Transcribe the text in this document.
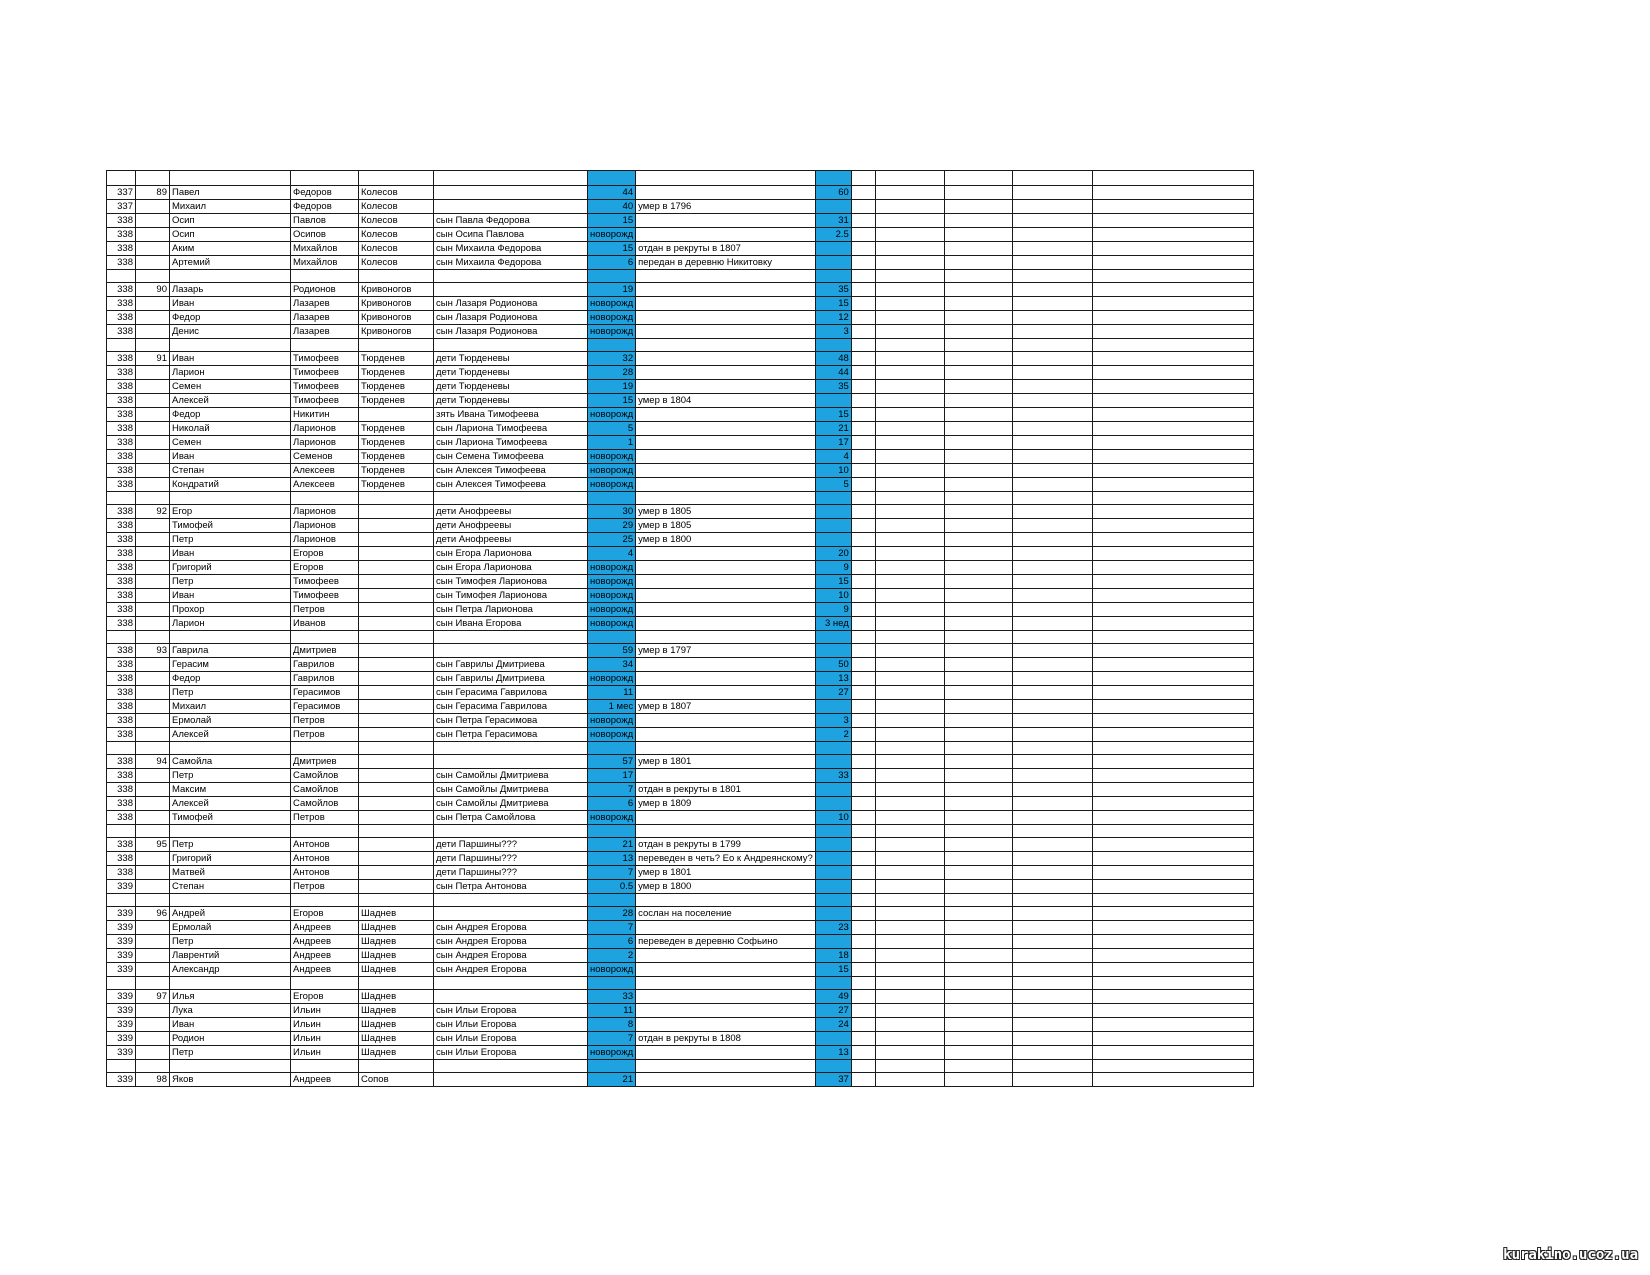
337	89	Павел	Федоров	Колесов		44		60					
337		Михаил	Федоров	Колесов		40	умер в 1796						
338		Осип	Павлов	Колесов	сын Павла Федорова	15		31					
338		Осип	Осипов	Колесов	сын Осипа Павлова	новорожд		2.5					
338		Аким	Михайлов	Колесов	сын Михаила Федорова	15	отдан в рекруты в 1807						
338		Артемий	Михайлов	Колесов	сын Михаила Федорова	6	передан в деревню Никитовку						

338	90	Лазарь	Родионов	Кривоногов		19		35					
338		Иван	Лазарев	Кривоногов	сын Лазаря Родионова	новорожд		15					
338		Федор	Лазарев	Кривоногов	сын Лазаря Родионова	новорожд		12					
338		Денис	Лазарев	Кривоногов	сын Лазаря Родионова	новорожд		3					

338	91	Иван	Тимофеев	Тюрденев	дети Тюрденевы	32		48					
338		Ларион	Тимофеев	Тюрденев	дети Тюрденевы	28		44					
338		Семен	Тимофеев	Тюрденев	дети Тюрденевы	19		35					
338		Алексей	Тимофеев	Тюрденев	дети Тюрденевы	15	умер в 1804						
338		Федор	Никитин		зять Ивана Тимофеева	новорожд		15					
338		Николай	Ларионов	Тюрденев	сын Лариона Тимофеева	5		21					
338		Семен	Ларионов	Тюрденев	сын Лариона Тимофеева	1		17					
338		Иван	Семенов	Тюрденев	сын Семена Тимофеева	новорожд		4					
338		Степан	Алексеев	Тюрденев	сын Алексея Тимофеева	новорожд		10					
338		Кондратий	Алексеев	Тюрденев	сын Алексея Тимофеева	новорожд		5					

338	92	Егор	Ларионов		дети Анофреевы	30	умер в 1805						
338		Тимофей	Ларионов		дети Анофреевы	29	умер в 1805						
338		Петр	Ларионов		дети Анофреевы	25	умер в 1800						
338		Иван	Егоров		сын Егора Ларионова	4		20					
338		Григорий	Егоров		сын Егора Ларионова	новорожд		9					
338		Петр	Тимофеев		сын Тимофея Ларионова	новорожд		15					
338		Иван	Тимофеев		сын Тимофея Ларионова	новорожд		10					
338		Прохор	Петров		сын Петра Ларионова	новорожд		9					
338		Ларион	Иванов		сын Ивана Егорова	новорожд		3 нед					

338	93	Гаврила	Дмитриев			59	умер в 1797						
338		Герасим	Гаврилов		сын Гаврилы Дмитриева	34		50					
338		Федор	Гаврилов		сын Гаврилы Дмитриева	новорожд		13					
338		Петр	Герасимов		сын Герасима Гаврилова	11		27					
338		Михаил	Герасимов		сын Герасима Гаврилова	1 мес	умер в 1807						
338		Ермолай	Петров		сын Петра Герасимова	новорожд		3					
338		Алексей	Петров		сын Петра Герасимова	новорожд		2					

338	94	Самойла	Дмитриев			57	умер в 1801						
338		Петр	Самойлов		сын Самойлы Дмитриева	17		33					
338		Максим	Самойлов		сын Самойлы Дмитриева	7	отдан в рекруты в 1801						
338		Алексей	Самойлов		сын Самойлы Дмитриева	6	умер в 1809						
338		Тимофей	Петров		сын Петра Самойлова	новорожд		10					

338	95	Петр	Антонов		дети Паршины???	21	отдан в рекруты в 1799						
338		Григорий	Антонов		дети Паршины???	13	переведен в четь? Ео к Андреянскому?						
338		Матвей	Антонов		дети Паршины???	7	умер в 1801						
339		Степан	Петров		сын Петра Антонова	0.5	умер в 1800						

339	96	Андрей	Егоров	Шаднев		28	сослан на поселение						
339		Ермолай	Андреев	Шаднев	сын Андрея Егорова	7		23					
339		Петр	Андреев	Шаднев	сын Андрея Егорова	6	переведен в деревню Софьино						
339		Лаврентий	Андреев	Шаднев	сын Андрея Егорова	2		18					
339		Александр	Андреев	Шаднев	сын Андрея Егорова	новорожд		15					

339	97	Илья	Егоров	Шаднев		33		49					
339		Лука	Ильин	Шаднев	сын Ильи Егорова	11		27					
339		Иван	Ильин	Шаднев	сын Ильи Егорова	8		24					
339		Родион	Ильин	Шаднев	сын Ильи Егорова	7	отдан в рекруты в 1808						
339		Петр	Ильин	Шаднев	сын Ильи Егорова	новорожд		13					

339	98	Яков	Андреев	Сопов		21		37					
kurakino.ucoz.ua
